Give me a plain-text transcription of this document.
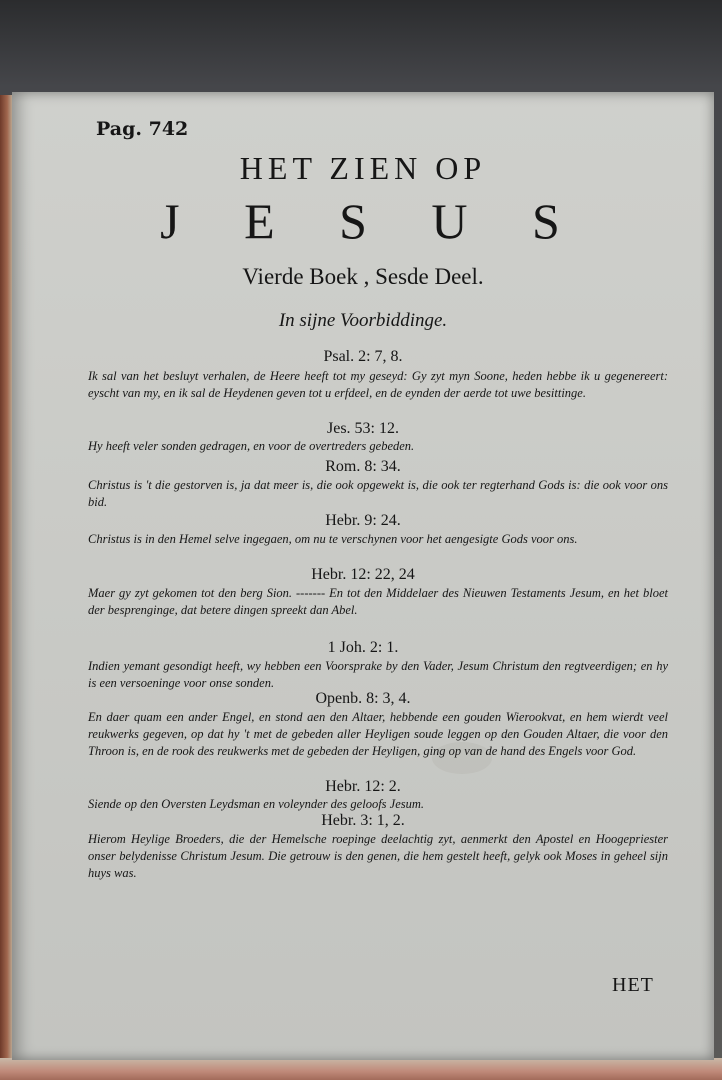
Pag. 742
HET ZIEN OP
J E S U S
Vierde Boek , Sesde Deel.
In sijne Voorbiddinge.
Psal. 2: 7, 8.
Ik sal van het besluyt verhalen, de Heere heeft tot my geseyd: Gy zyt myn Soone, heden hebbe ik u gegenereert: eyscht van my, en ik sal de Heydenen geven tot u erfdeel, en de eynden der aerde tot uwe besittinge.
Jes. 53: 12.
Hy heeft veler sonden gedragen, en voor de overtreders gebeden.
Rom. 8: 34.
Christus is 't die gestorven is, ja dat meer is, die ook opgewekt is, die ook ter regterhand Gods is: die ook voor ons bid.
Hebr. 9: 24.
Christus is in den Hemel selve ingegaen, om nu te verschynen voor het aengesigte Gods voor ons.
Hebr. 12: 22, 24
Maer gy zyt gekomen tot den berg Sion. ------- En tot den Middelaer des Nieuwen Testaments Jesum, en het bloet der besprenginge, dat betere dingen spreekt dan Abel.
1 Joh. 2: 1.
Indien yemant gesondigt heeft, wy hebben een Voorsprake by den Vader, Jesum Christum den regtveerdigen; en hy is een versoeninge voor onse sonden.
Openb. 8: 3, 4.
En daer quam een ander Engel, en stond aen den Altaer, hebbende een gouden Wierookvat, en hem wierdt veel reukwerks gegeven, op dat hy 't met de gebeden aller Heyligen soude leggen op den Gouden Altaer, die voor den Throon is, en de rook des reukwerks met de gebeden der Heyligen, ging op van de hand des Engels voor God.
Hebr. 12: 2.
Siende op den Oversten Leydsman en voleynder des geloofs Jesum.
Hebr. 3: 1, 2.
Hierom Heylige Broeders, die der Hemelsche roepinge deelachtig zyt, aenmerkt den Apostel en Hoogepriester onser belydenisse Christum Jesum. Die getrouw is den genen, die hem gestelt heeft, gelyk ook Moses in geheel sijn huys was.
HET
